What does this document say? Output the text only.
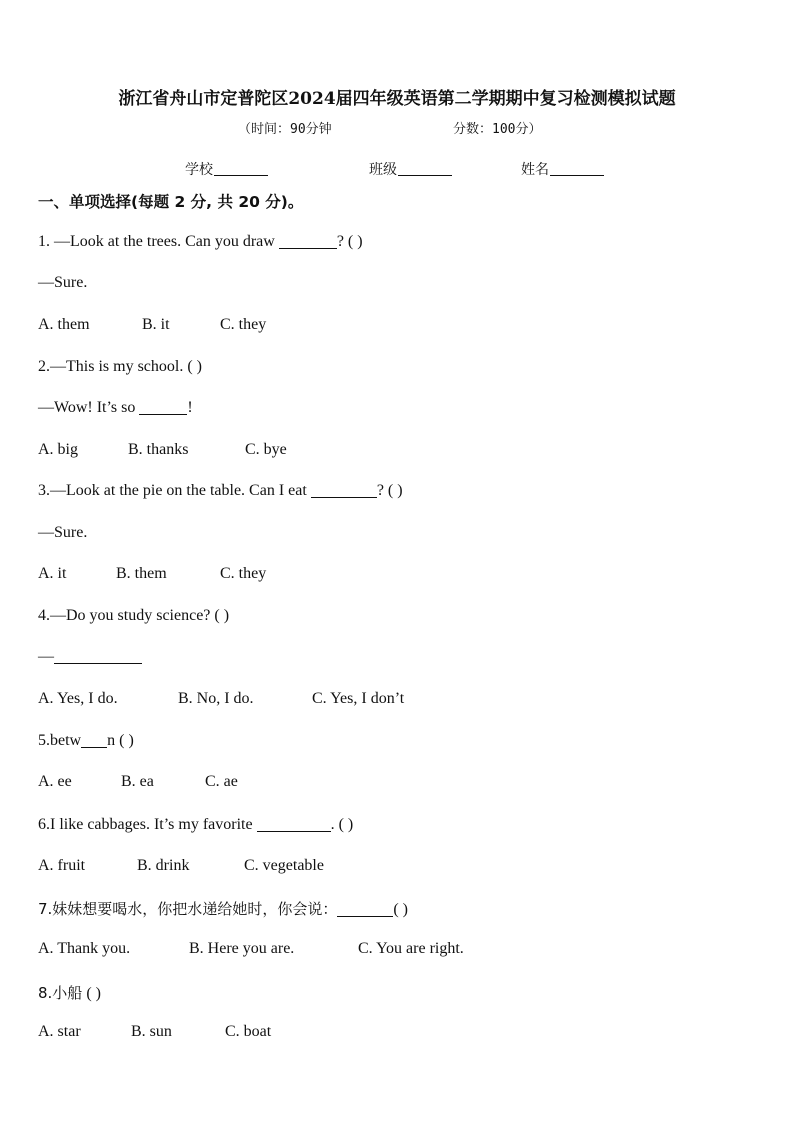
浙江省舟山市定普陀区2024届四年级英语第二学期期中复习检测模拟试题
（时间：90分钟	分数：100分）
学校	班级	姓名
一、单项选择(每题 2 分, 共 20 分)。
1. —Look at the trees. Can you draw	? ( )
—Sure.
A. them	B. it	C. they
2.—This is my school. ( )
—Wow! It’s so	!
A. big	B. thanks	C. bye
3.—Look at the pie on the table. Can I eat	? ( )
—Sure.
A. it	B. them	C. they
4.—Do you study science? ( )
—
A. Yes, I do.	B. No, I do.	C. Yes, I don’t
5.betw n ( )
A. ee	B. ea	C. ae
6.I like cabbages. It’s my favorite	. ( )
A. fruit	B. drink	C. vegetable
7.妹妹想要喝水，你把水递给她时，你会说：	( )
A. Thank you.	B. Here you are.	C. You are right.
8.小船 ( )
A. star	B. sun	C. boat
